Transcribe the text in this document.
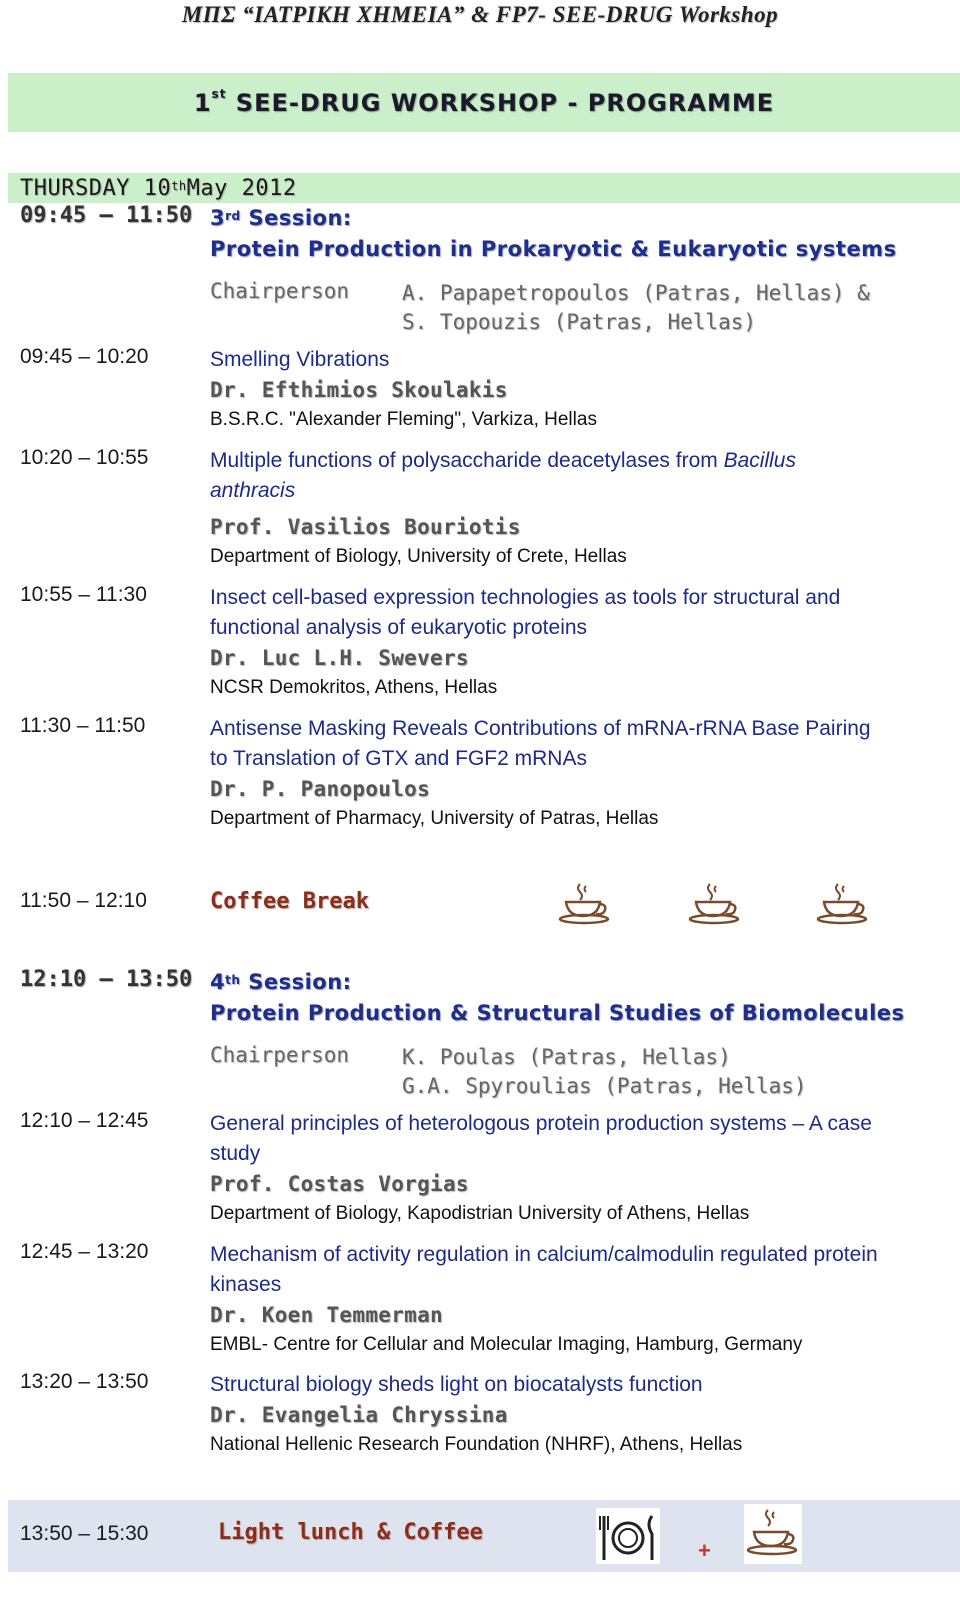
ΜΠΣ “ΙΑΤΡΙΚΗ ΧΗΜΕΙΑ” & FP7- SEE-DRUG Workshop
1st SEE-DRUG WORKSHOP - PROGRAMME
THURSDAY 10th May 2012
09:45 – 11:50 3rd Session:
Protein Production in Prokaryotic & Eukaryotic systems
Chairperson	A. Papapetropoulos (Patras, Hellas) &
S. Topouzis (Patras, Hellas)
09:45 – 10:20	Smelling Vibrations
Dr. Efthimios Skoulakis
B.S.R.C. "Alexander Fleming", Varkiza, Hellas
10:20 – 10:55	Multiple functions of polysaccharide deacetylases from Bacillus
anthracis
Prof. Vasilios Bouriotis
Department of Biology, University of Crete, Hellas
10:55 – 11:30	Insect cell-based expression technologies as tools for structural and
functional analysis of eukaryotic proteins
Dr. Luc L.H. Swevers
NCSR Demokritos, Athens, Hellas
11:30 – 11:50	Antisense Masking Reveals Contributions of mRNA-rRNA Base Pairing
to Translation of GTX and FGF2 mRNAs
Dr. P. Panopoulos
Department of Pharmacy, University of Patras, Hellas
11:50 – 12:10	Coffee Break
12:10 – 13:50 4th Session:
Protein Production & Structural Studies of Biomolecules
Chairperson	K. Poulas (Patras, Hellas)
G.A. Spyroulias (Patras, Hellas)
12:10 – 12:45	General principles of heterologous protein production systems – A case
study
Prof. Costas Vorgias
Department of Biology, Kapodistrian University of Athens, Hellas
12:45 – 13:20	Mechanism of activity regulation in calcium/calmodulin regulated protein
kinases
Dr. Koen Temmerman
EMBL- Centre for Cellular and Molecular Imaging, Hamburg, Germany
13:20 – 13:50	Structural biology sheds light on biocatalysts function
Dr. Evangelia Chryssina
National Hellenic Research Foundation (NHRF), Athens, Hellas
13:50 – 15:30	Light lunch & Coffee
+
